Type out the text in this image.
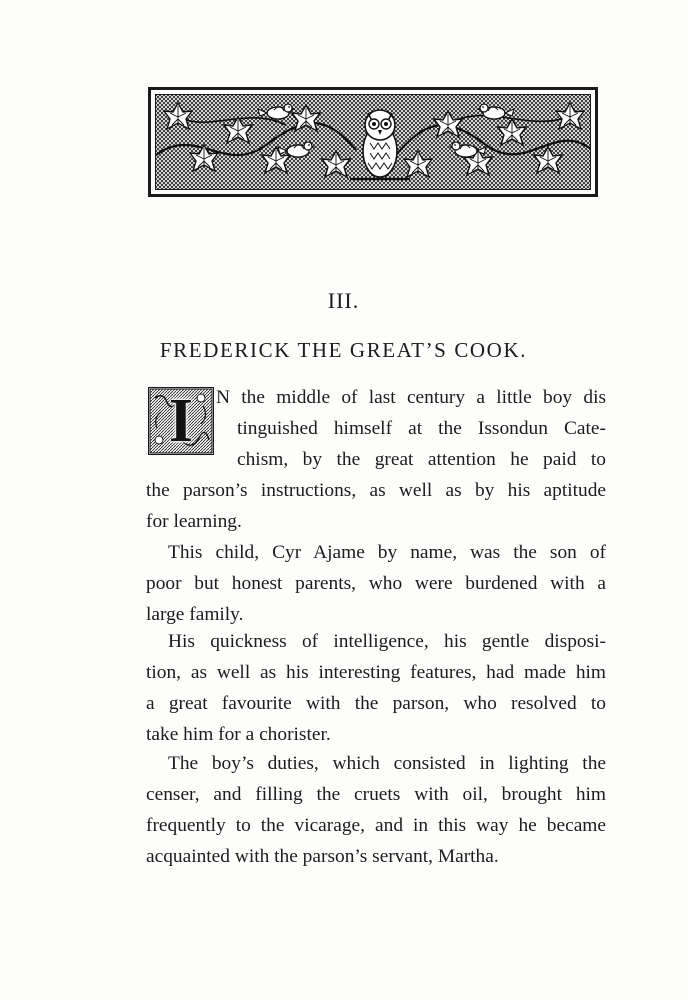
III.
FREDERICK THE GREAT’S COOK.
I	N the middle of last century a little boy dis
tinguished himself at the Issondun Cate-
chism, by the great attention he paid to
the parson’s instructions, as well as by his aptitude
for learning.
This child, Cyr Ajame by name, was the son of
poor but honest parents, who were burdened with a
large family.
His quickness of intelligence, his gentle disposi-
tion, as well as his interesting features, had made him
a great favourite with the parson, who resolved to
take him for a chorister.
The boy’s duties, which consisted in lighting the
censer, and filling the cruets with oil, brought him
frequently to the vicarage, and in this way he became
acquainted with the parson’s servant, Martha.
